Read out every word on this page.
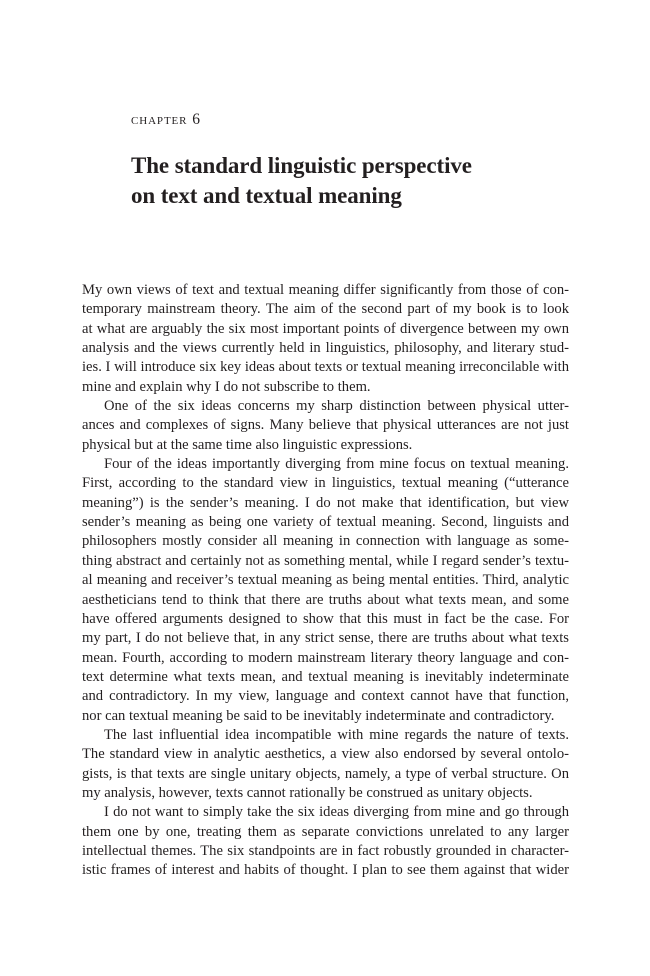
chapter 6
The standard linguistic perspective
on text and textual meaning

My own views of text and textual meaning differ significantly from those of con-
temporary mainstream theory. The aim of the second part of my book is to look
at what are arguably the six most important points of divergence between my own
analysis and the views currently held in linguistics, philosophy, and literary stud-
ies. I will introduce six key ideas about texts or textual meaning irreconcilable with
mine and explain why I do not subscribe to them.

One of the six ideas concerns my sharp distinction between physical utter-
ances and complexes of signs. Many believe that physical utterances are not just
physical but at the same time also linguistic expressions.

Four of the ideas importantly diverging from mine focus on textual meaning.
First, according to the standard view in linguistics, textual meaning (“utterance
meaning”) is the sender’s meaning. I do not make that identification, but view
sender’s meaning as being one variety of textual meaning. Second, linguists and
philosophers mostly consider all meaning in connection with language as some-
thing abstract and certainly not as something mental, while I regard sender’s textu-
al meaning and receiver’s textual meaning as being mental entities. Third, analytic
aestheticians tend to think that there are truths about what texts mean, and some
have offered arguments designed to show that this must in fact be the case. For
my part, I do not believe that, in any strict sense, there are truths about what texts
mean. Fourth, according to modern mainstream literary theory language and con-
text determine what texts mean, and textual meaning is inevitably indeterminate
and contradictory. In my view, language and context cannot have that function,
nor can textual meaning be said to be inevitably indeterminate and contradictory.

The last influential idea incompatible with mine regards the nature of texts.
The standard view in analytic aesthetics, a view also endorsed by several ontolo-
gists, is that texts are single unitary objects, namely, a type of verbal structure. On
my analysis, however, texts cannot rationally be construed as unitary objects.

I do not want to simply take the six ideas diverging from mine and go through
them one by one, treating them as separate convictions unrelated to any larger
intellectual themes. The six standpoints are in fact robustly grounded in character-
istic frames of interest and habits of thought. I plan to see them against that wider
